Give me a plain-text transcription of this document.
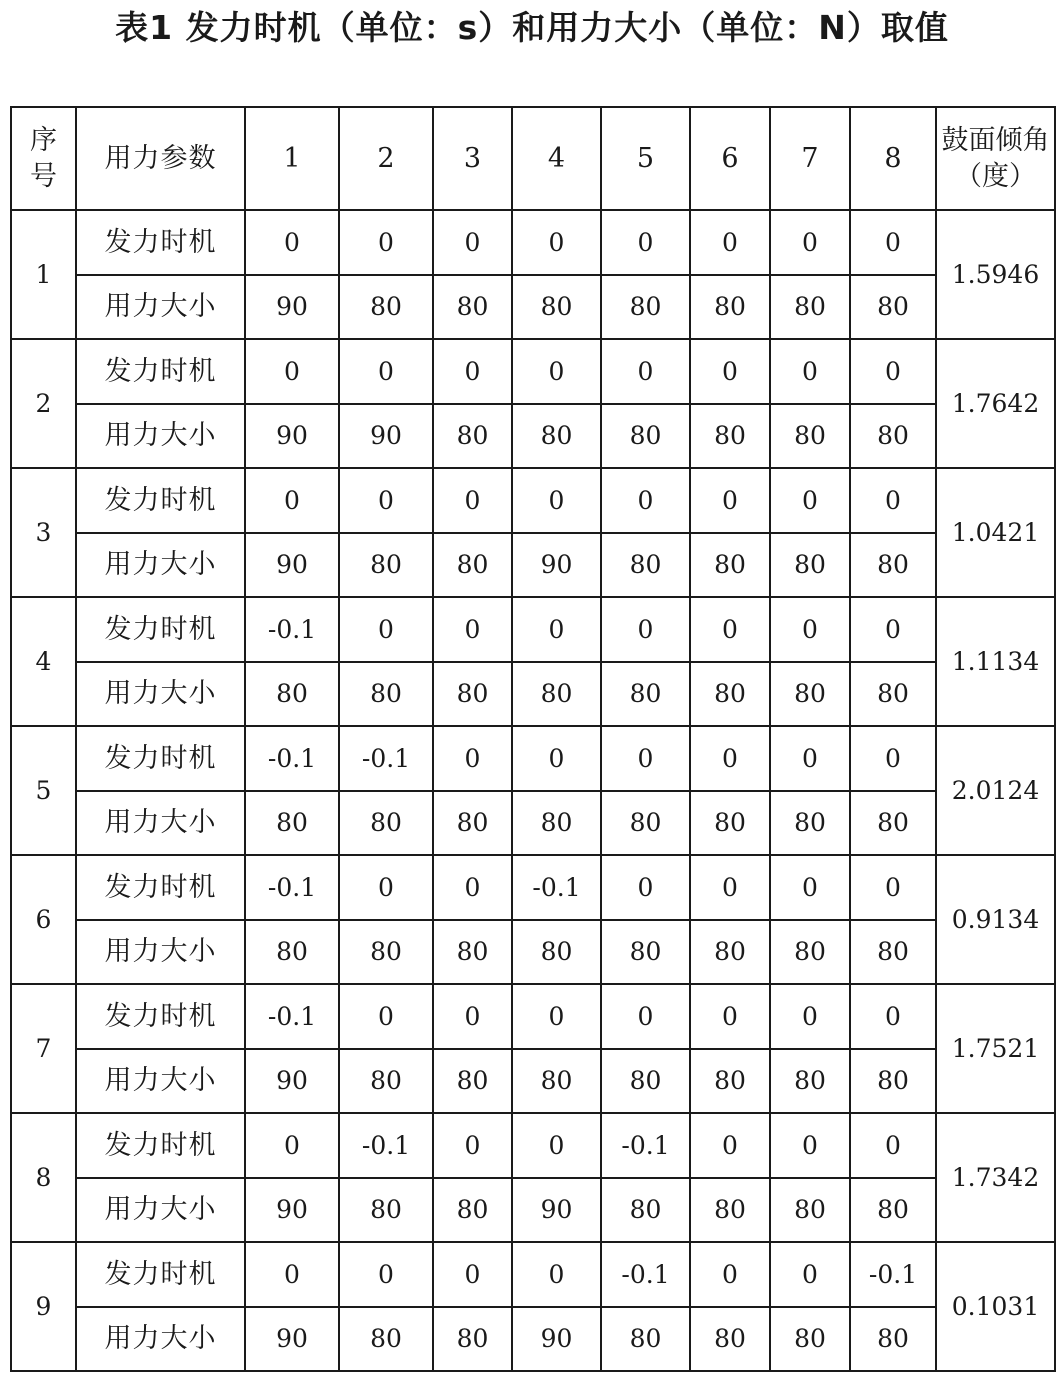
表1 发力时机（单位：s）和用力大小（单位：N）取值
序号	用力参数	1	2	3	4	5	6	7	8	鼓面倾角（度）
1	发力时机	0	0	0	0	0	0	0	0	1.5946
	用力大小	90	80	80	80	80	80	80	80	
2	发力时机	0	0	0	0	0	0	0	0	1.7642
	用力大小	90	90	80	80	80	80	80	80	
3	发力时机	0	0	0	0	0	0	0	0	1.0421
	用力大小	90	80	80	90	80	80	80	80	
4	发力时机	-0.1	0	0	0	0	0	0	0	1.1134
	用力大小	80	80	80	80	80	80	80	80	
5	发力时机	-0.1	-0.1	0	0	0	0	0	0	2.0124
	用力大小	80	80	80	80	80	80	80	80	
6	发力时机	-0.1	0	0	-0.1	0	0	0	0	0.9134
	用力大小	80	80	80	80	80	80	80	80	
7	发力时机	-0.1	0	0	0	0	0	0	0	1.7521
	用力大小	90	80	80	80	80	80	80	80	
8	发力时机	0	-0.1	0	0	-0.1	0	0	0	1.7342
	用力大小	90	80	80	90	80	80	80	80	
9	发力时机	0	0	0	0	-0.1	0	0	-0.1	0.1031
	用力大小	90	80	80	90	80	80	80	80	
